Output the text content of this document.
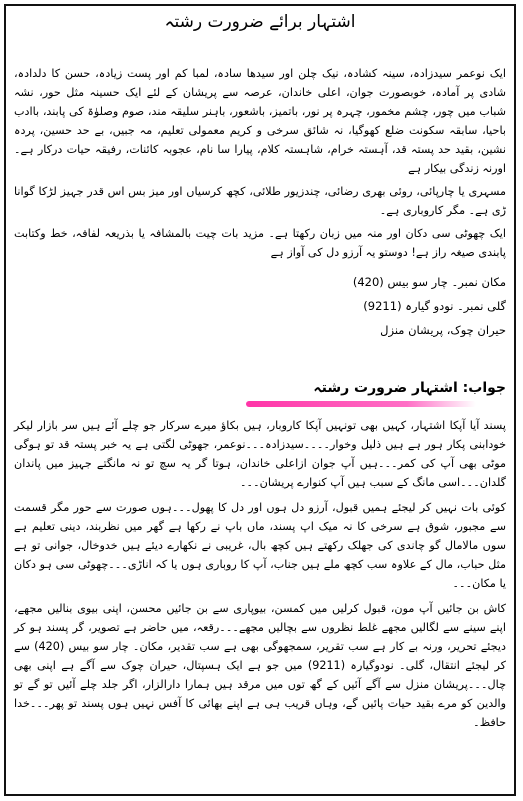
اشتہار برائے ضرورت رشتہ

ایک نوعمر سیدزادہ، سینہ کشادہ، نیک چلن اور سیدھا سادہ، لمبا کم اور پست زیادہ، حسن کا دلدادہ، شادی پر آمادہ، خوبصورت جوان، اعلی خاندان، عرصہ سے پریشان کے لئے ایک حسینہ مثل حور، نشہ شباب میں چور، چشم مخمور، چہرہ پر نور، باتمیز، باشعور، باہنر سلیقہ مند، صوم وصلوٰۃ کی پابند، باادب باحیا، سابقہ سکونت ضلع کھوگیا، نہ شائق سرخی و کریم معمولی تعلیم، مہ جبیں، بے حد حسین، پردہ نشین، بقید حد پستہ قد، آہستہ خرام، شاہستہ کلام، پیارا سا نام، عجوبہ کائنات، رفیقہ حیات درکار ہے۔ اورنہ زندگی بیکار ہے

مسہری یا چارپائی، روئی بھری رضائی، چندزیور طلائی، کچھ کرسیاں اور میز بس اس قدر جہیز لڑکا گوانا ڑی ہے۔ مگر کاروباری ہے۔

ایک چھوٹی سی دکان اور منہ میں زبان رکھتا ہے۔ مزید بات چیت بالمشافہ یا بذریعہ لفافہ، خط وکتابت پابندی صیغہ راز ہے! دوستو یہ آرزو دل کی آواز ہے

مکان نمبر۔ چار سو بیس (420)
گلی نمبر۔ نودو گیارہ (9211)
حیران چوک، پریشان منزل
جواب: اشتہار ضرورت رشتہ

پسند آیا آپکا اشتہار، کہیں بھی تونہیں آپکا کاروبار، ہیں بکاؤ میرے سرکار جو چلے آئے ہیں سر بازار لیکر خودابنی پکار ہور ہے ہیں ذلیل وخوار۔۔۔۔سیدزادہ۔۔۔نوعمر، جھوٹی لگتی ہے یہ خبر پستہ قد تو ہوگی موٹی بھی آپ کی کمر۔۔۔ہیں آپ جوان ازاعلی خاندان، ہوتا گر یہ سچ تو نہ مانگتے جہیز میں پاندان گلدان۔۔۔اسی مانگ کے سبب ہیں آپ کنوارے پریشان۔۔۔

کوئی بات نہیں کر لیجئے ہمیں قبول، آرزو دل ہوں اور دل کا پھول۔۔۔ہوں صورت سے حور مگر قسمت سے مجبور، شوق ہے سرخی کا نہ میک اپ پسند، ماں باپ نے رکھا ہے گھر میں نظربند، دینی تعلیم ہے سوں مالامال گو چاندی کی جھلک رکھتے ہیں کچھ بال، غریبی نے نکھارے دیئے ہیں خدوخال، جوانی تو ہے مثل حباب، مال کے علاوہ سب کچھ ملے ہیں جناب، آپ کا روباری ہوں یا کہ اناڑی۔۔۔چھوٹی سی ہو دکان یا مکان۔۔۔

کاش بن جائیں آپ مون، قبول کرلیں میں کمسن، بیوپاری سے بن جائیں محسن، اپنی بیوی بنالیں مجھے، اپنے سینے سے لگالیں مجھے غلط نظروں سے بچالیں مجھے۔۔۔رقعہ، میں حاضر ہے تصویر، گر پسند ہو کر دیجئے تحریر، ورنہ بے کار ہے سب تقریر، سمجھوگی بھی ہے سب تقدیر، مکان۔ چار سو بیس (420) سے کر لیجئے انتقال، گلی۔ نودوگیارہ (9211) میں جو ہے ایک ہسپتال، حیران چوک سے آگے ہے اپنی بھی چال۔۔۔پریشان منزل سے آگے آئیں کے گھ توں میں مرقد ہیں ہمارا دارالزار، اگر جلد چلے آئیں تو گے تو والدین کو مرے بقید حیات پائیں گے، وہاں قریب ہی ہے اپنے بھائی کا آفس نہیں ہوں پسند تو پھر۔۔۔خدا حافظ۔
